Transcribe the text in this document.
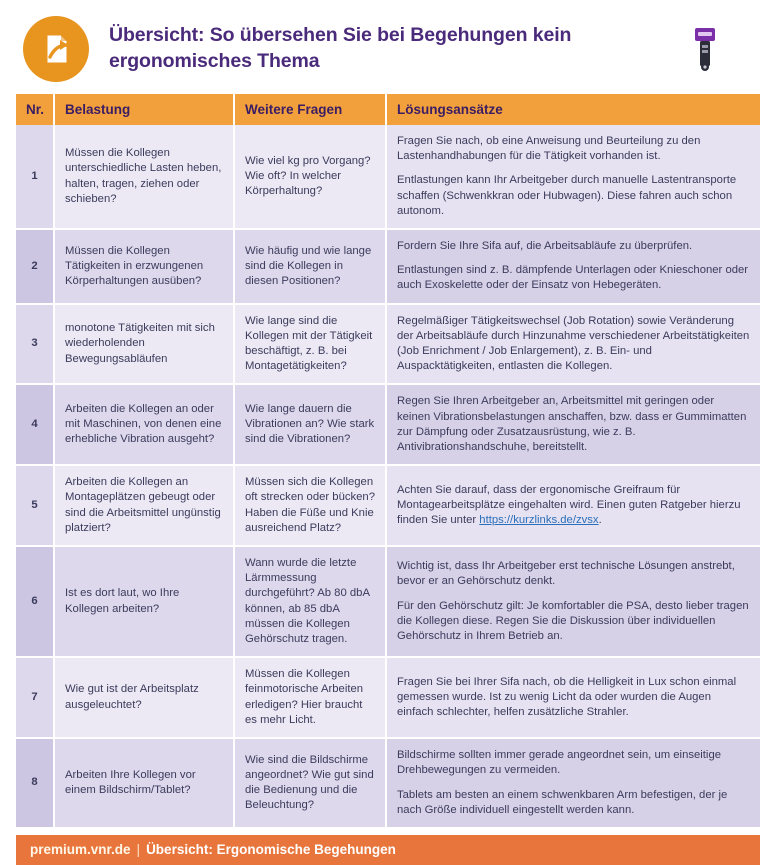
Übersicht: So übersehen Sie bei Begehungen kein ergonomisches Thema
Nr.	Belastung	Weitere Fragen	Lösungsansätze
1	Müssen die Kollegen unterschiedliche Lasten heben, halten, tragen, ziehen oder schieben?	Wie viel kg pro Vorgang? Wie oft? In welcher Körperhaltung?	Fragen Sie nach, ob eine Anweisung und Beurteilung zu den Lastenhandhabungen für die Tätigkeit vorhanden ist.

Entlastungen kann Ihr Arbeitgeber durch manuelle Lastentransporte schaffen (Schwenkkran oder Hubwagen). Diese fahren auch schon autonom.

2	Müssen die Kollegen Tätigkeiten in erzwungenen Körperhaltungen ausüben?	Wie häufig und wie lange sind die Kollegen in diesen Positionen?	Fordern Sie Ihre Sifa auf, die Arbeitsabläufe zu überprüfen.

Entlastungen sind z. B. dämpfende Unterlagen oder Knieschoner oder auch Exoskelette oder der Einsatz von Hebegeräten.

3	monotone Tätigkeiten mit sich wiederholenden Bewegungsabläufen	Wie lange sind die Kollegen mit der Tätigkeit beschäftigt, z. B. bei Montagetätigkeiten?	Regelmäßiger Tätigkeitswechsel (Job Rotation) sowie Veränderung der Arbeitsabläufe durch Hinzunahme verschiedener Arbeitstätigkeiten (Job Enrichment / Job Enlargement), z. B. Ein- und Auspacktätigkeiten, entlasten die Kollegen.

4	Arbeiten die Kollegen an oder mit Maschinen, von denen eine erhebliche Vibration ausgeht?	Wie lange dauern die Vibrationen an? Wie stark sind die Vibrationen?	Regen Sie Ihren Arbeitgeber an, Arbeitsmittel mit geringen oder keinen Vibrationsbelastungen anschaffen, bzw. dass er Gummimatten zur Dämpfung oder Zusatzausrüstung, wie z. B. Antivibrationshandschuhe, bereitstellt.

5	Arbeiten die Kollegen an Montageplätzen gebeugt oder sind die Arbeitsmittel ungünstig platziert?	Müssen sich die Kollegen oft strecken oder bücken? Haben die Füße und Knie ausreichend Platz?	Achten Sie darauf, dass der ergonomische Greifraum für Montagearbeitsplätze eingehalten wird. Einen guten Ratgeber hierzu finden Sie unter https://kurzlinks.de/zvsx.

6	Ist es dort laut, wo Ihre Kollegen arbeiten?	Wann wurde die letzte Lärmmessung durchgeführt? Ab 80 dbA können, ab 85 dbA müssen die Kollegen Gehörschutz tragen.	Wichtig ist, dass Ihr Arbeitgeber erst technische Lösungen anstrebt, bevor er an Gehörschutz denkt.

Für den Gehörschutz gilt: Je komfortabler die PSA, desto lieber tragen die Kollegen diese. Regen Sie die Diskussion über individuellen Gehörschutz in Ihrem Betrieb an.

7	Wie gut ist der Arbeitsplatz ausgeleuchtet?	Müssen die Kollegen feinmotorische Arbeiten erledigen? Hier braucht es mehr Licht.	Fragen Sie bei Ihrer Sifa nach, ob die Helligkeit in Lux schon einmal gemessen wurde. Ist zu wenig Licht da oder wurden die Augen einfach schlechter, helfen zusätzliche Strahler.

8	Arbeiten Ihre Kollegen vor einem Bildschirm/Tablet?	Wie sind die Bildschirme angeordnet? Wie gut sind die Bedienung und die Beleuchtung?	Bildschirme sollten immer gerade angeordnet sein, um einseitige Drehbewegungen zu vermeiden.

Tablets am besten an einem schwenkbaren Arm befestigen, der je nach Größe individuell eingestellt werden kann.

premium.vnr.de | Übersicht: Ergonomische Begehungen
